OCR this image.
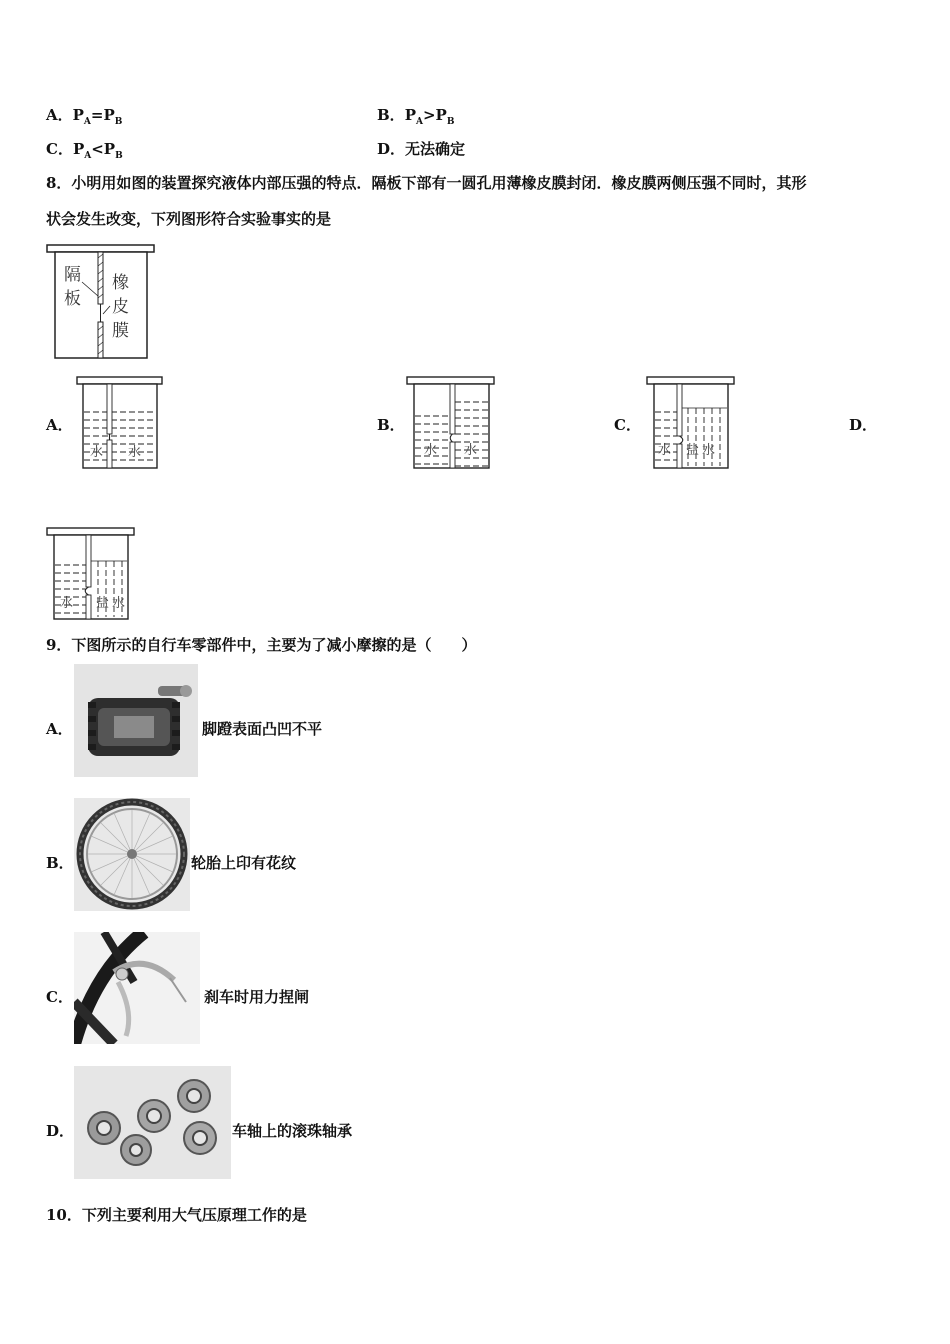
A．$P_A=P_B$	B．$P_A>P_B$
C．$P_A<P_B$	D．无法确定
8．小明用如图的装置探究液体内部压强的特点．隔板下部有一圆孔用薄橡皮膜封闭．橡皮膜两侧压强不同时，其形
状会发生改变，下列图形符合实验事实的是
隔
板
橡
皮
膜
A．	B．	C．	D．
水 水	水 水	水 盐 水
水 盐 水
9．下图所示的自行车零部件中，主要为了减小摩擦的是（　　）
A．	脚蹬表面凸凹不平
B．	轮胎上印有花纹
C．	刹车时用力捏闸
D．	车轴上的滚珠轴承
10．下列主要利用大气压原理工作的是
